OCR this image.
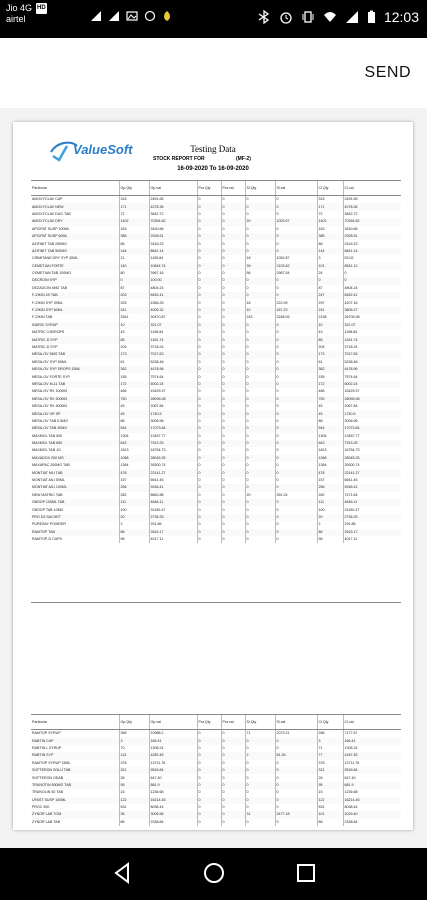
Jio 4G HD
airtel	12:03
SEND
ValueSoft	Testing Data
STOCK REPORT FOR	(MF-2)
16-09-2020 To 16-09-2020
Particular	Op.Qty	Op.val	Pur.Qty	Pur.val	Sl.Qty	Sl.val	Cl.Qty	Cl.val
AMOXYCLAV CAP	315	2491.65	0	0	0	0	315	2491.65
AMOXYCLAV NEW	171	4278.36	0	0	0	0	171	4278.36
AMOXYCLAV DUO TAB	72	3642.72	0	0	0	0	72	3642.72
AMOXYCLAV DRY	1402	70354.62	0	0	20	1003.57	1402	70354.62
APCIPAT SUSP 100ML	163	3430.66	0	0	0	0	163	3430.66
APCIPAT SUSP 60ML	385	2928.51	0	0	0	0	385	2928.51
AZIFINIT TAB 250MG	86	2416.23	0	0	0	0	86	2416.23
AZIFINIT TAB 500MG	144	8641.14	0	0	0	0	144	8641.14
CIRMITANE DRY SYP 30ML	21	1105.84	0	0	18	1052.87	3	53.02
CEMETIAN FORTE	140	10644.74	0	0	39	2103.62	101	8541.12
CEMETIAN TAB 100MG	80	3967.16	0	0	56	2987.54	24	0
DECROIN SYP	0	100.00	0	0	0	0	0	0
DEZAOCIN 4MG TAB	87	4804.24	0	0	0	0	87	4804.24
F-ZIKIN 4X TAB	203	8452.41	0	0	0	0	247	8452.41
F-ZIKIN SYP 30ML	325	4356.25	0	0	18	222.09	297	4207.16
F-ZIKIN SYP 60ML	241	4005.32	0	0	10	167.23	231	3805.27
F-ZIKIN TAB	2541	30470.87	0	0	243	3248.05	2198	26705.08
INDRIC SYRUP	10	321.07	0	0	0	0	10	321.07
MATRIC 0.5DROPS	43	1198.84	0	0	0	0	43	1198.84
MATRIC-D SYP	85	1451.74	0	0	0	0	85	1451.74
MATRIC-D SYP	204	3718.24	0	0	0	0	204	3718.24
MESA-OV 5MG TAB	173	7017.63	0	0	0	0	173	7017.63
MESA-OV SYP 60ML	61	5238.46	0	0	0	0	61	5238.46
MESA-OV SYP DROPS 15ML	362	4478.96	0	0	0	0	362	4478.96
MESA-OV FORTE SYP	155	7574.64	0	0	0	0	155	7574.64
MESA-OV M-11 TAB	172	6002.24	0	0	0	0	172	6002.24
MESA-OV RX 100MG	466	15429.37	0	0	0	0	466	15429.37
MESA-OV RX 200MG	750	28095.08	0	0	0	0	750	28095.08
MESA-OV RX 400MG	45	2067.84	0	0	0	0	45	2067.84
MESA-OV XR SP	45	1740.5	0	0	0	0	45	1740.5
MESA-OV TAB 0.5MG	86	3006.96	0	0	0	0	86	3006.96
MESA-OV TAB 40MG	544	17073.84	0	0	0	0	544	17073.84
MAXMOL TAB 500	1304	13457.77	0	0	0	0	1304	13457.77
MAXMOL TAB 650	643	7913.25	0	0	0	0	643	7913.25
MAXMOL TAB 1G	1813	16754.73	0	0	0	0	1813	16754.73
MAXADOX 200 MG	1068	28045.25	0	0	0	0	1068	28045.25
MAXAPAC 200MG TAB	1364	39300.74	0	0	0	0	1364	39300.74
MONTIAT MLI TAB	478	22141.27	0	0	0	0	478	22141.27
MONTIAT-MLI 50ML	157	6641.45	0	0	0	0	157	6641.45
MONTIAT-MLI 100ML	256	9246.41	0	0	0	0	256	9246.41
NEW MATRIC TAB	282	8662.88	0	0	20	391.24	262	7471.64
ONSOP 100ML TAB	111	4646.11	0	0	0	0	111	4646.11
ONSOP TAB 10MG	100	31190.47	0	0	0	0	100	31190.47
PRO D3 SACHET	20	2736.25	0	0	0	0	20	2736.25
PURESAY POWDER	2	291.86	0	0	0	0	2	291.86
RAMTOP TAB	86	2615.17	0	0	0	0	86	2615.17
RAMTOP-D CAPS	96	4017.11	0	0	0	0	96	4017.11
Particular	Op.Qty	Op.val	Pur.Qty	Pur.val	Sl.Qty	Sl.val	Cl.Qty	Cl.val
RAMTOP SYRUP	356	10988.2	0	0	71	2073.21	286	7177.57
RABTIN CAP	3	166.41	0	0	0	0	3	166.41
RABTIN L SYRUP	70	1308.24	0	0	0	0	71	1308.24
RABTIN SYP	113	4282.45	0	0	2	81.26	77	4187.45
RAMTOP SYRUP 15ML	376	13711.76	0	0	0	0	376	13711.76
SOFTERON SOLU TAB	321	9516.84	0	0	0	0	321	9516.84
SOFTERON ODAB	26	647.40	0	0	0	0	26	647.40
TRUNOTIN 500MG TAB	95	681.9	0	0	0	0	95	681.9
TRUNOLIN 50 TAB	15	1236.68	0	0	0	0	15	1236.68
UFAST SUSP 100ML	122	16214.45	0	0	0	0	122	16214.45
PROC 500	531	8038.44	0	0	0	0	531	8038.44
ZYNOR LAB TOM	36	3006.58	0	0	31	2477.18	101	2029.40
ZYNOR LAB TAB	86	2338.84	0	0	0	0	86	2338.84
